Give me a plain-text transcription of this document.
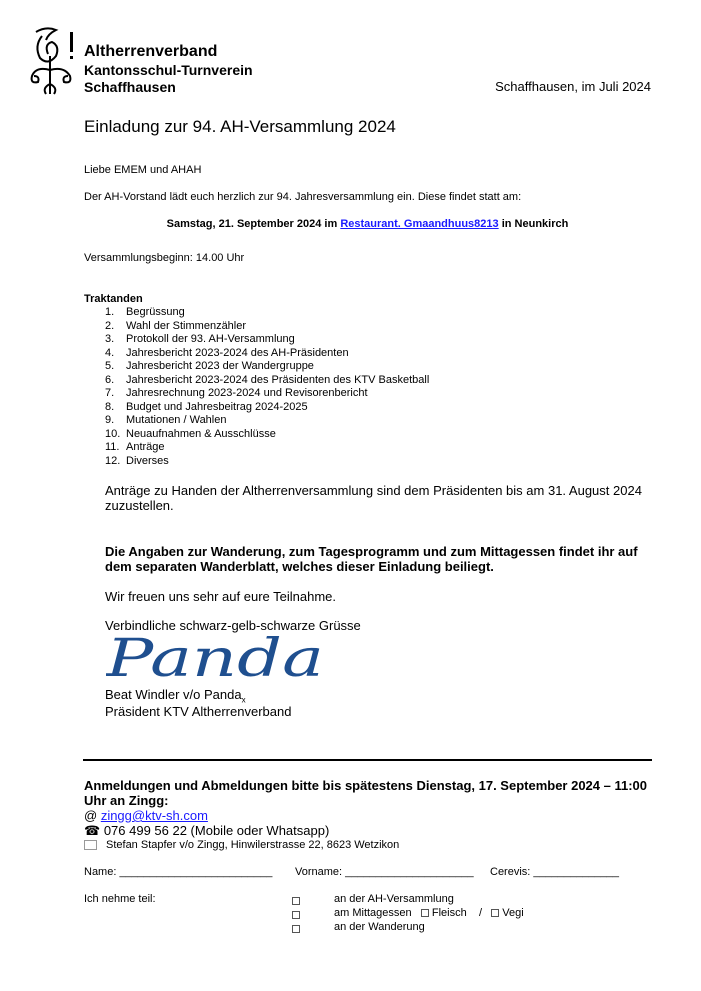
Altherrenverband
Kantonsschul-Turnverein
Schaffhausen	Schaffhausen, im Juli 2024
Einladung zur 94. AH-Versammlung 2024
Liebe EMEM und AHAH
Der AH-Vorstand lädt euch herzlich zur 94. Jahresversammlung ein. Diese findet statt am:
Samstag, 21. September 2024 im Restaurant. Gmaandhuus8213 in Neunkirch
Versammlungsbeginn: 14.00 Uhr
Traktanden
1.	Begrüssung
2.	Wahl der Stimmenzähler
3.	Protokoll der 93. AH-Versammlung
4.	Jahresbericht 2023-2024 des AH-Präsidenten
5.	Jahresbericht 2023 der Wandergruppe
6.	Jahresbericht 2023-2024 des Präsidenten des KTV Basketball
7.	Jahresrechnung 2023-2024 und Revisorenbericht
8.	Budget und Jahresbeitrag 2024-2025
9.	Mutationen / Wahlen
10. Neuaufnahmen & Ausschlüsse
11. Anträge
12. Diverses
Anträge zu Handen der Altherrenversammlung sind dem Präsidenten bis am 31. August 2024
zuzustellen.
Die Angaben zur Wanderung, zum Tagesprogramm und zum Mittagessen findet ihr auf
dem separaten Wanderblatt, welches dieser Einladung beiliegt.
Wir freuen uns sehr auf eure Teilnahme.
Verbindliche schwarz-gelb-schwarze Grüsse
Panda
Beat Windler v/o Panda$_x$
Präsident KTV Altherrenverband
Anmeldungen und Abmeldungen bitte bis spätestens Dienstag, 17. September 2024 – 11:00
Uhr an Zingg:
@ zingg@ktv-sh.com
☎ 076 499 56 22 (Mobile oder Whatsapp)
Stefan Stapfer v/o Zingg, Hinwilerstrasse 22, 8623 Wetzikon
Name: _________________________ Vorname: _____________________ Cerevis: ______________
Ich nehme teil:	an der AH-Versammlung
am Mittagessen Fleisch / Vegi
an der Wanderung
